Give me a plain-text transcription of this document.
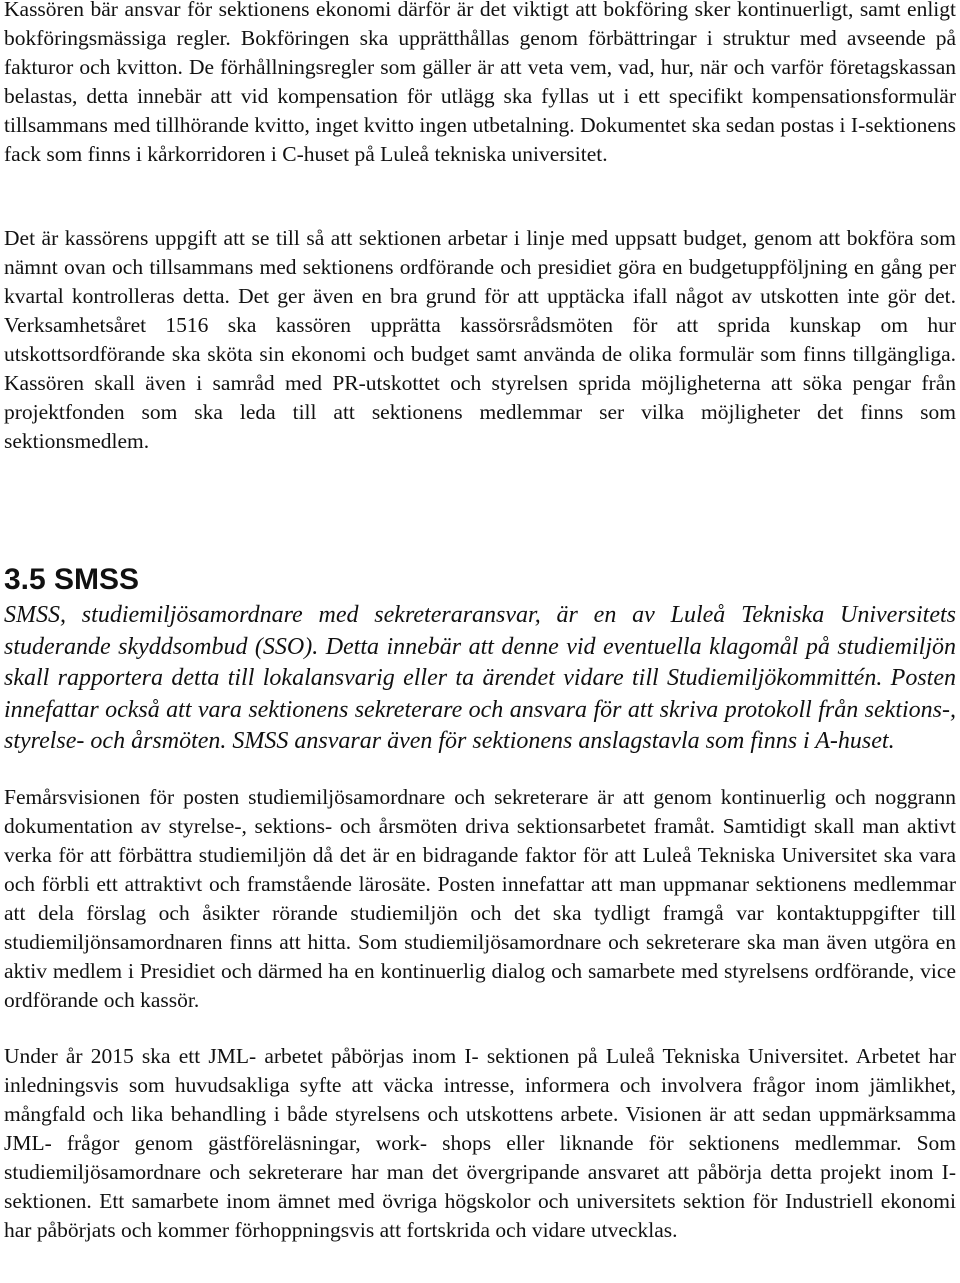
Kassören bär ansvar för sektionens ekonomi därför är det viktigt att bokföring sker kontinuerligt, samt enligt bokföringsmässiga regler. Bokföringen ska upprätthållas genom förbättringar i struktur med avseende på fakturor och kvitton. De förhållningsregler som gäller är att veta vem, vad, hur, när och varför företagskassan belastas, detta innebär att vid kompensation för utlägg ska fyllas ut i ett specifikt kompensationsformulär tillsammans med tillhörande kvitto, inget kvitto ingen utbetalning. Dokumentet ska sedan postas i I-sektionens fack som finns i kårkorridoren i C-huset på Luleå tekniska universitet.

Det är kassörens uppgift att se till så att sektionen arbetar i linje med uppsatt budget, genom att bokföra som nämnt ovan och tillsammans med sektionens ordförande och presidiet göra en budgetuppföljning en gång per kvartal kontrolleras detta. Det ger även en bra grund för att upptäcka ifall något av utskotten inte gör det. Verksamhetsåret 1516 ska kassören upprätta kassörsrådsmöten för att sprida kunskap om hur utskottsordförande ska sköta sin ekonomi och budget samt använda de olika formulär som finns tillgängliga. Kassören skall även i samråd med PR-utskottet och styrelsen sprida möjligheterna att söka pengar från projektfonden som ska leda till att sektionens medlemmar ser vilka möjligheter det finns som sektionsmedlem.

3.5 SMSS

SMSS, studiemiljösamordnare med sekreteraransvar, är en av Luleå Tekniska Universitets studerande skyddsombud (SSO). Detta innebär att denne vid eventuella klagomål på studiemiljön skall rapportera detta till lokalansvarig eller ta ärendet vidare till Studiemiljökommittén. Posten innefattar också att vara sektionens sekreterare och ansvara för att skriva protokoll från sektions-, styrelse- och årsmöten. SMSS ansvarar även för sektionens anslagstavla som finns i A-huset.

Femårsvisionen för posten studiemiljösamordnare och sekreterare är att genom kontinuerlig och noggrann dokumentation av styrelse-, sektions- och årsmöten driva sektionsarbetet framåt. Samtidigt skall man aktivt verka för att förbättra studiemiljön då det är en bidragande faktor för att Luleå Tekniska Universitet ska vara och förbli ett attraktivt och framstående lärosäte. Posten innefattar att man uppmanar sektionens medlemmar att dela förslag och åsikter rörande studiemiljön och det ska tydligt framgå var kontaktuppgifter till studiemiljönsamordnaren finns att hitta. Som studiemiljösamordnare och sekreterare ska man även utgöra en aktiv medlem i Presidiet och därmed ha en kontinuerlig dialog och samarbete med styrelsens ordförande, vice ordförande och kassör.

Under år 2015 ska ett JML- arbetet påbörjas inom I- sektionen på Luleå Tekniska Universitet. Arbetet har inledningsvis som huvudsakliga syfte att väcka intresse, informera och involvera frågor inom jämlikhet, mångfald och lika behandling i både styrelsens och utskottens arbete. Visionen är att sedan uppmärksamma JML- frågor genom gästföreläsningar, work- shops eller liknande för sektionens medlemmar. Som studiemiljösamordnare och sekreterare har man det övergripande ansvaret att påbörja detta projekt inom I- sektionen. Ett samarbete inom ämnet med övriga högskolor och universitets sektion för Industriell ekonomi har påbörjats och kommer förhoppningsvis att fortskrida och vidare utvecklas.
